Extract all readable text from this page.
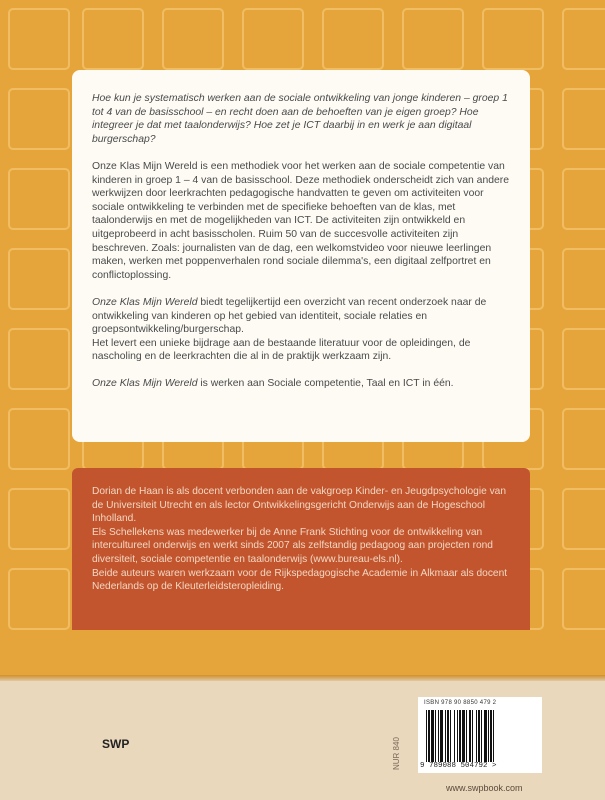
Hoe kun je systematisch werken aan de sociale ontwikkeling van jonge kinderen – groep 1 tot 4 van de basisschool – en recht doen aan de behoeften van je eigen groep? Hoe integreer je dat met taalonderwijs? Hoe zet je ICT daarbij in en werk je aan digitaal burgerschap?

Onze Klas Mijn Wereld is een methodiek voor het werken aan de sociale competentie van kinderen in groep 1 – 4 van de basisschool. Deze methodiek onderscheidt zich van andere werkwijzen door leerkrachten pedagogische handvatten te geven om activiteiten voor sociale ontwikkeling te verbinden met de specifieke behoeften van de klas, met taalonderwijs en met de mogelijkheden van ICT. De activiteiten zijn ontwikkeld en uitgeprobeerd in acht basisscholen. Ruim 50 van de succesvolle activiteiten zijn beschreven. Zoals: journalisten van de dag, een welkomstvideo voor nieuwe leerlingen maken, werken met poppenverhalen rond sociale dilemma's, een digitaal zelfportret en conflictoplossing.

Onze Klas Mijn Wereld biedt tegelijkertijd een overzicht van recent onderzoek naar de ontwikkeling van kinderen op het gebied van identiteit, sociale relaties en groepsontwikkeling/burgerschap.
Het levert een unieke bijdrage aan de bestaande literatuur voor de opleidingen, de nascholing en de leerkrachten die al in de praktijk werkzaam zijn.

Onze Klas Mijn Wereld is werken aan Sociale competentie, Taal en ICT in één.

Dorian de Haan is als docent verbonden aan de vakgroep Kinder- en Jeugdpsychologie van de Universiteit Utrecht en als lector Ontwikkelingsgericht Onderwijs aan de Hogeschool Inholland.

Els Schellekens was medewerker bij de Anne Frank Stichting voor de ontwikkeling van intercultureel onderwijs en werkt sinds 2007 als zelfstandig pedagoog aan projecten rond diversiteit, sociale competentie en taalonderwijs (www.bureau-els.nl).

Beide auteurs waren werkzaam voor de Rijkspedagogische Academie in Alkmaar als docent Nederlands op de Kleuterleidsteropleiding.

NUR 840
ISBN 978 90 8850 479 2
9 789088 504792 >
SWP
www.swpbook.com
